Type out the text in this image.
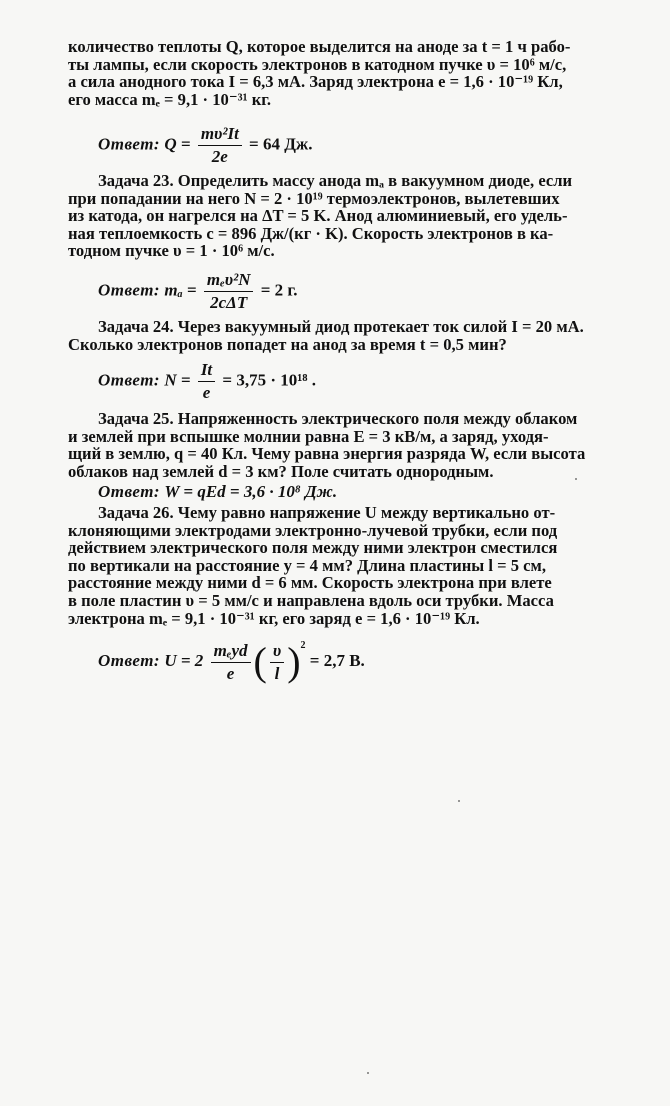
количество теплоты Q, которое выделится на аноде за t = 1 ч рабо-
ты лампы, если скорость электронов в катодном пучке υ = 10⁶ м/с,
а сила анодного тока I = 6,3 мА. Заряд электрона e = 1,6 · 10⁻¹⁹ Кл,
его масса mₑ = 9,1 · 10⁻³¹ кг.
Ответ: $Q = \frac{\text{mυ²It}}{2e} = 64$ Дж.
Задача 23. Определить массу анода mₐ в вакуумном диоде, если
при попадании на него N = 2 · 10¹⁹ термоэлектронов, вылетевших
из катода, он нагрелся на ΔT = 5 K. Анод алюминиевый, его удель-
ная теплоемкость c = 896 Дж/(кг · K). Скорость электронов в ка-
тодном пучке υ = 1 · 10⁶ м/с.
Ответ: $m_a = \frac{\text{mₑυ²N}}{\text{2cΔT}} = 2$ г.
Задача 24. Через вакуумный диод протекает ток силой I = 20 мА.
Сколько электронов попадет на анод за время t = 0,5 мин?
Ответ: $N = \frac{It}{e} = 3,75 \cdot 10^{18}$ .
Задача 25. Напряженность электрического поля между облаком
и землей при вспышке молнии равна E = 3 кВ/м, а заряд, уходя-
щий в землю, q = 40 Кл. Чему равна энергия разряда W, если высота
облаков над землей d = 3 км? Поле считать однородным.
Ответ: W = qEd = 3,6 · 10⁸ Дж.
Задача 26. Чему равно напряжение U между вертикально от-
клоняющими электродами электронно-лучевой трубки, если под
действием электрического поля между ними электрон сместился
по вертикали на расстояние y = 4 мм? Длина пластины l = 5 см,
расстояние между ними d = 6 мм. Скорость электрона при влете
в поле пластин υ = 5 мм/с и направлена вдоль оси трубки. Масса
электрона mₑ = 9,1 · 10⁻³¹ кг, его заряд e = 1,6 · 10⁻¹⁹ Кл.
Ответ: $U = 2 \frac{\text{mₑyd}}{e}$ ( $\frac{\upsilon}{l} )^2 = 2,7$ В.
